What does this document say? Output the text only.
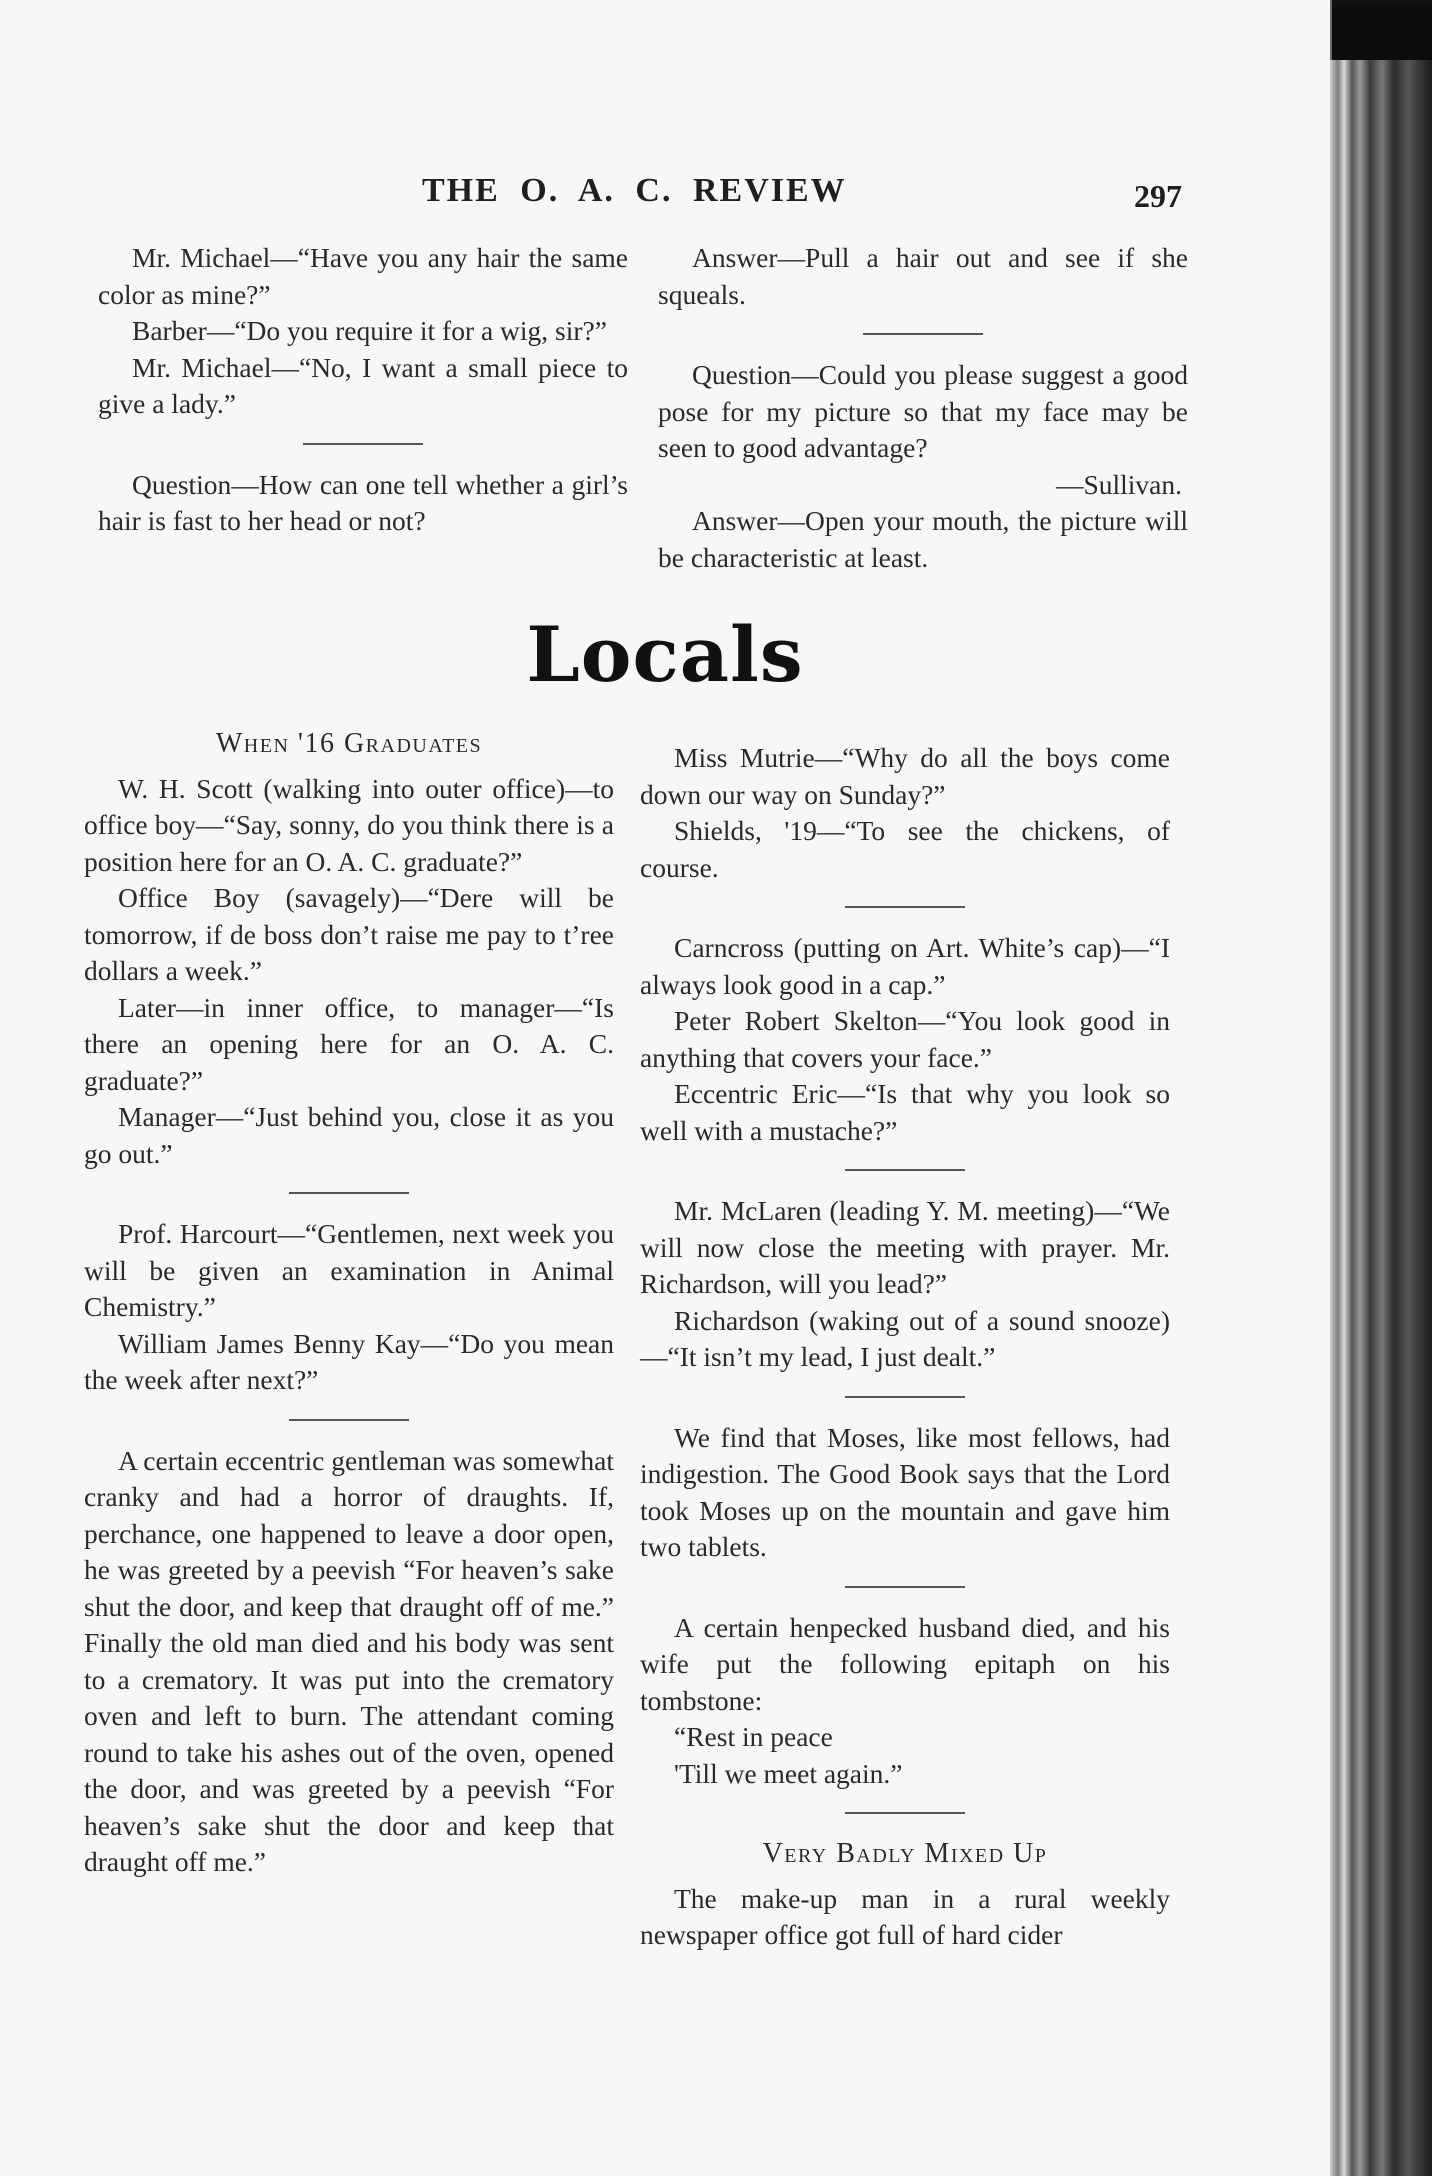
THE O. A. C. REVIEW	297

Mr. Michael—“Have you any hair the same color as mine?”

Barber—“Do you require it for a wig, sir?”

Mr. Michael—“No, I want a small piece to give a lady.”

Question—How can one tell whether a girl’s hair is fast to her head or not?

Answer—Pull a hair out and see if she squeals.

Question—Could you please suggest a good pose for my picture so that my face may be seen to good advantage?

—Sullivan.

Answer—Open your mouth, the picture will be characteristic at least.

Locals
When '16 Graduates

W. H. Scott (walking into outer office)—to office boy—“Say, sonny, do you think there is a position here for an O. A. C. graduate?”

Office Boy (savagely)—“Dere will be tomorrow, if de boss don’t raise me pay to t’ree dollars a week.”

Later—in inner office, to manager—“Is there an opening here for an O. A. C. graduate?”

Manager—“Just behind you, close it as you go out.”

Prof. Harcourt—“Gentlemen, next week you will be given an examination in Animal Chemistry.”

William James Benny Kay—“Do you mean the week after next?”

A certain eccentric gentleman was somewhat cranky and had a horror of draughts. If, perchance, one happened to leave a door open, he was greeted by a peevish “For heaven’s sake shut the door, and keep that draught off of me.” Finally the old man died and his body was sent to a crematory. It was put into the crematory oven and left to burn. The attendant coming round to take his ashes out of the oven, opened the door, and was greeted by a peevish “For heaven’s sake shut the door and keep that draught off me.”

Miss Mutrie—“Why do all the boys come down our way on Sunday?”

Shields, '19—“To see the chickens, of course.

Carncross (putting on Art. White’s cap)—“I always look good in a cap.”

Peter Robert Skelton—“You look good in anything that covers your face.”

Eccentric Eric—“Is that why you look so well with a mustache?”

Mr. McLaren (leading Y. M. meeting)—“We will now close the meeting with prayer. Mr. Richardson, will you lead?”

Richardson (waking out of a sound snooze)—“It isn’t my lead, I just dealt.”

We find that Moses, like most fellows, had indigestion. The Good Book says that the Lord took Moses up on the mountain and gave him two tablets.

A certain henpecked husband died, and his wife put the following epitaph on his tombstone:

“Rest in peace

'Till we meet again.”

Very Badly Mixed Up

The make-up man in a rural weekly newspaper office got full of hard cider
